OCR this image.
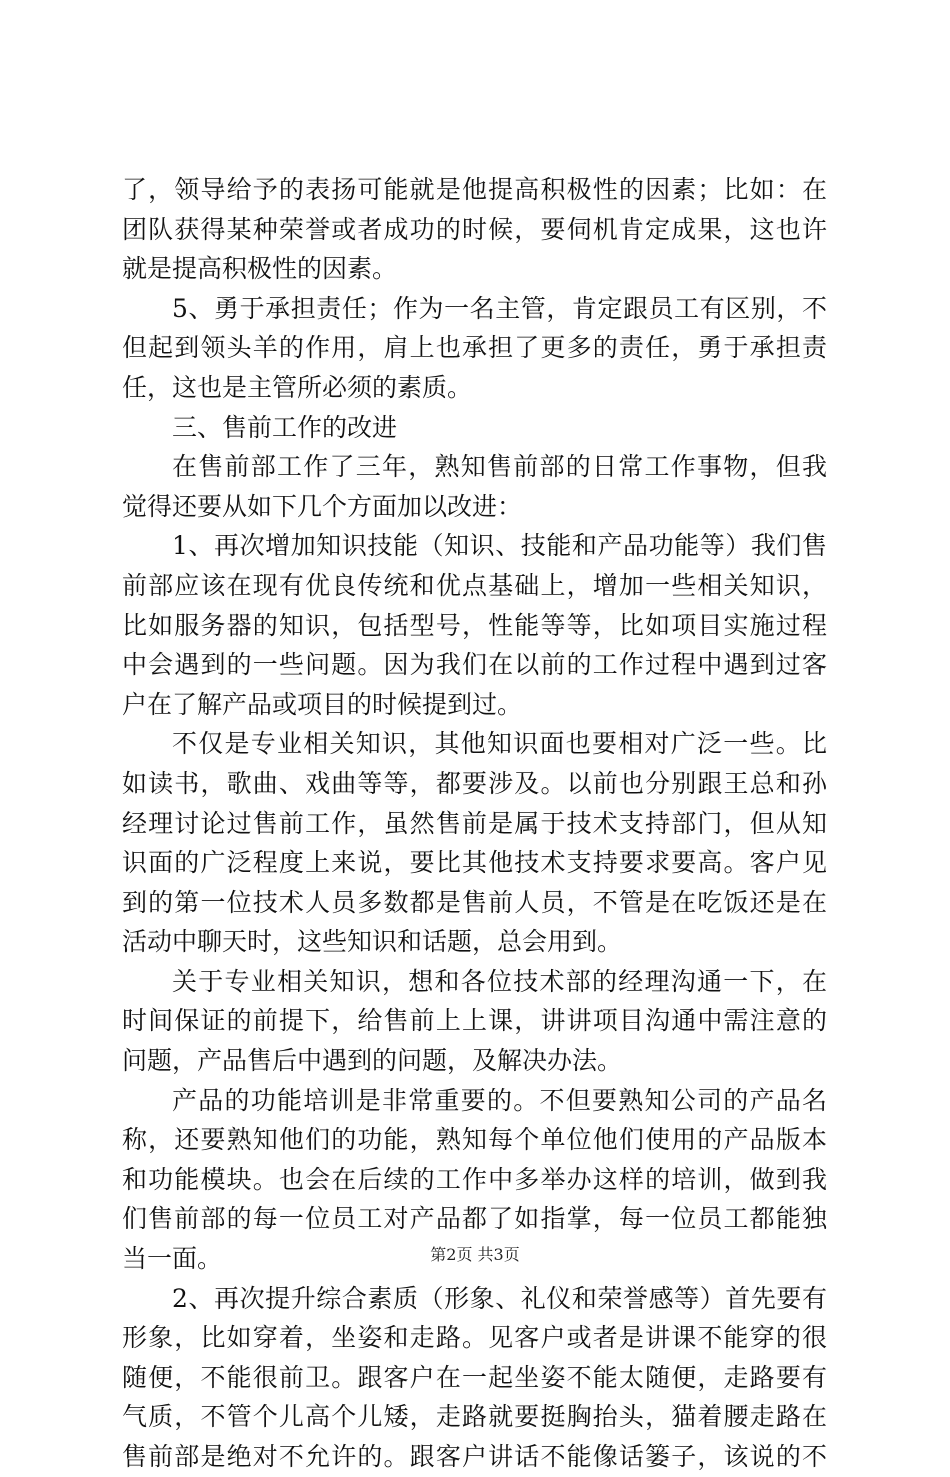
了，领导给予的表扬可能就是他提高积极性的因素；比如：在
团队获得某种荣誉或者成功的时候，要伺机肯定成果，这也许
就是提高积极性的因素。
5、勇于承担责任；作为一名主管，肯定跟员工有区别，不
但起到领头羊的作用，肩上也承担了更多的责任，勇于承担责
任，这也是主管所必须的素质。
三、售前工作的改进
在售前部工作了三年，熟知售前部的日常工作事物，但我
觉得还要从如下几个方面加以改进：
1、再次增加知识技能（知识、技能和产品功能等）我们售
前部应该在现有优良传统和优点基础上，增加一些相关知识，
比如服务器的知识，包括型号，性能等等，比如项目实施过程
中会遇到的一些问题。因为我们在以前的工作过程中遇到过客
户在了解产品或项目的时候提到过。
不仅是专业相关知识，其他知识面也要相对广泛一些。比
如读书，歌曲、戏曲等等，都要涉及。以前也分别跟王总和孙
经理讨论过售前工作，虽然售前是属于技术支持部门，但从知
识面的广泛程度上来说，要比其他技术支持要求要高。客户见
到的第一位技术人员多数都是售前人员，不管是在吃饭还是在
活动中聊天时，这些知识和话题，总会用到。
关于专业相关知识，想和各位技术部的经理沟通一下，在
时间保证的前提下，给售前上上课，讲讲项目沟通中需注意的
问题，产品售后中遇到的问题，及解决办法。
产品的功能培训是非常重要的。不但要熟知公司的产品名
称，还要熟知他们的功能，熟知每个单位他们使用的产品版本
和功能模块。也会在后续的工作中多举办这样的培训，做到我
们售前部的每一位员工对产品都了如指掌，每一位员工都能独
当一面。
2、再次提升综合素质（形象、礼仪和荣誉感等）首先要有
形象，比如穿着，坐姿和走路。见客户或者是讲课不能穿的很
随便，不能很前卫。跟客户在一起坐姿不能太随便，走路要有
气质，不管个儿高个儿矮，走路就要挺胸抬头，猫着腰走路在
售前部是绝对不允许的。跟客户讲话不能像话篓子，该说的不
第2页 共3页
